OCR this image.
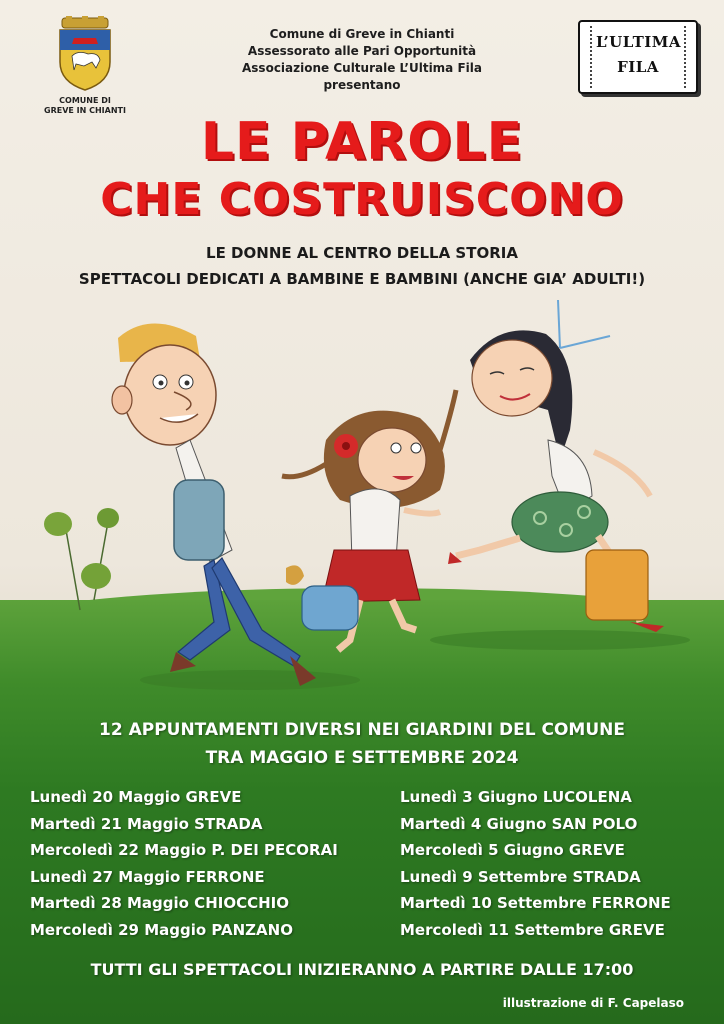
COMUNE DI
GREVE IN CHIANTI
Comune di Greve in Chianti
Assessorato alle Pari Opportunità
Associazione Culturale L’Ultima Fila
presentano
L’ULTIMA
FILA
LE PAROLE
CHE COSTRUISCONO
LE DONNE AL CENTRO DELLA STORIA
SPETTACOLI DEDICATI A BAMBINE E BAMBINI (ANCHE GIA’ ADULTI!)
12 APPUNTAMENTI DIVERSI NEI GIARDINI DEL COMUNE
TRA MAGGIO E SETTEMBRE 2024
Lunedì 20 Maggio GREVE
Martedì 21 Maggio STRADA
Mercoledì 22 Maggio P. DEI PECORAI
Lunedì 27 Maggio FERRONE
Martedì 28 Maggio CHIOCCHIO
Mercoledì 29 Maggio PANZANO
Lunedì 3 Giugno LUCOLENA
Martedì 4 Giugno SAN POLO
Mercoledì 5 Giugno GREVE
Lunedì 9 Settembre STRADA
Martedì 10 Settembre FERRONE
Mercoledì 11 Settembre GREVE
TUTTI GLI SPETTACOLI INIZIERANNO A PARTIRE DALLE 17:00
illustrazione di F. Capelaso
